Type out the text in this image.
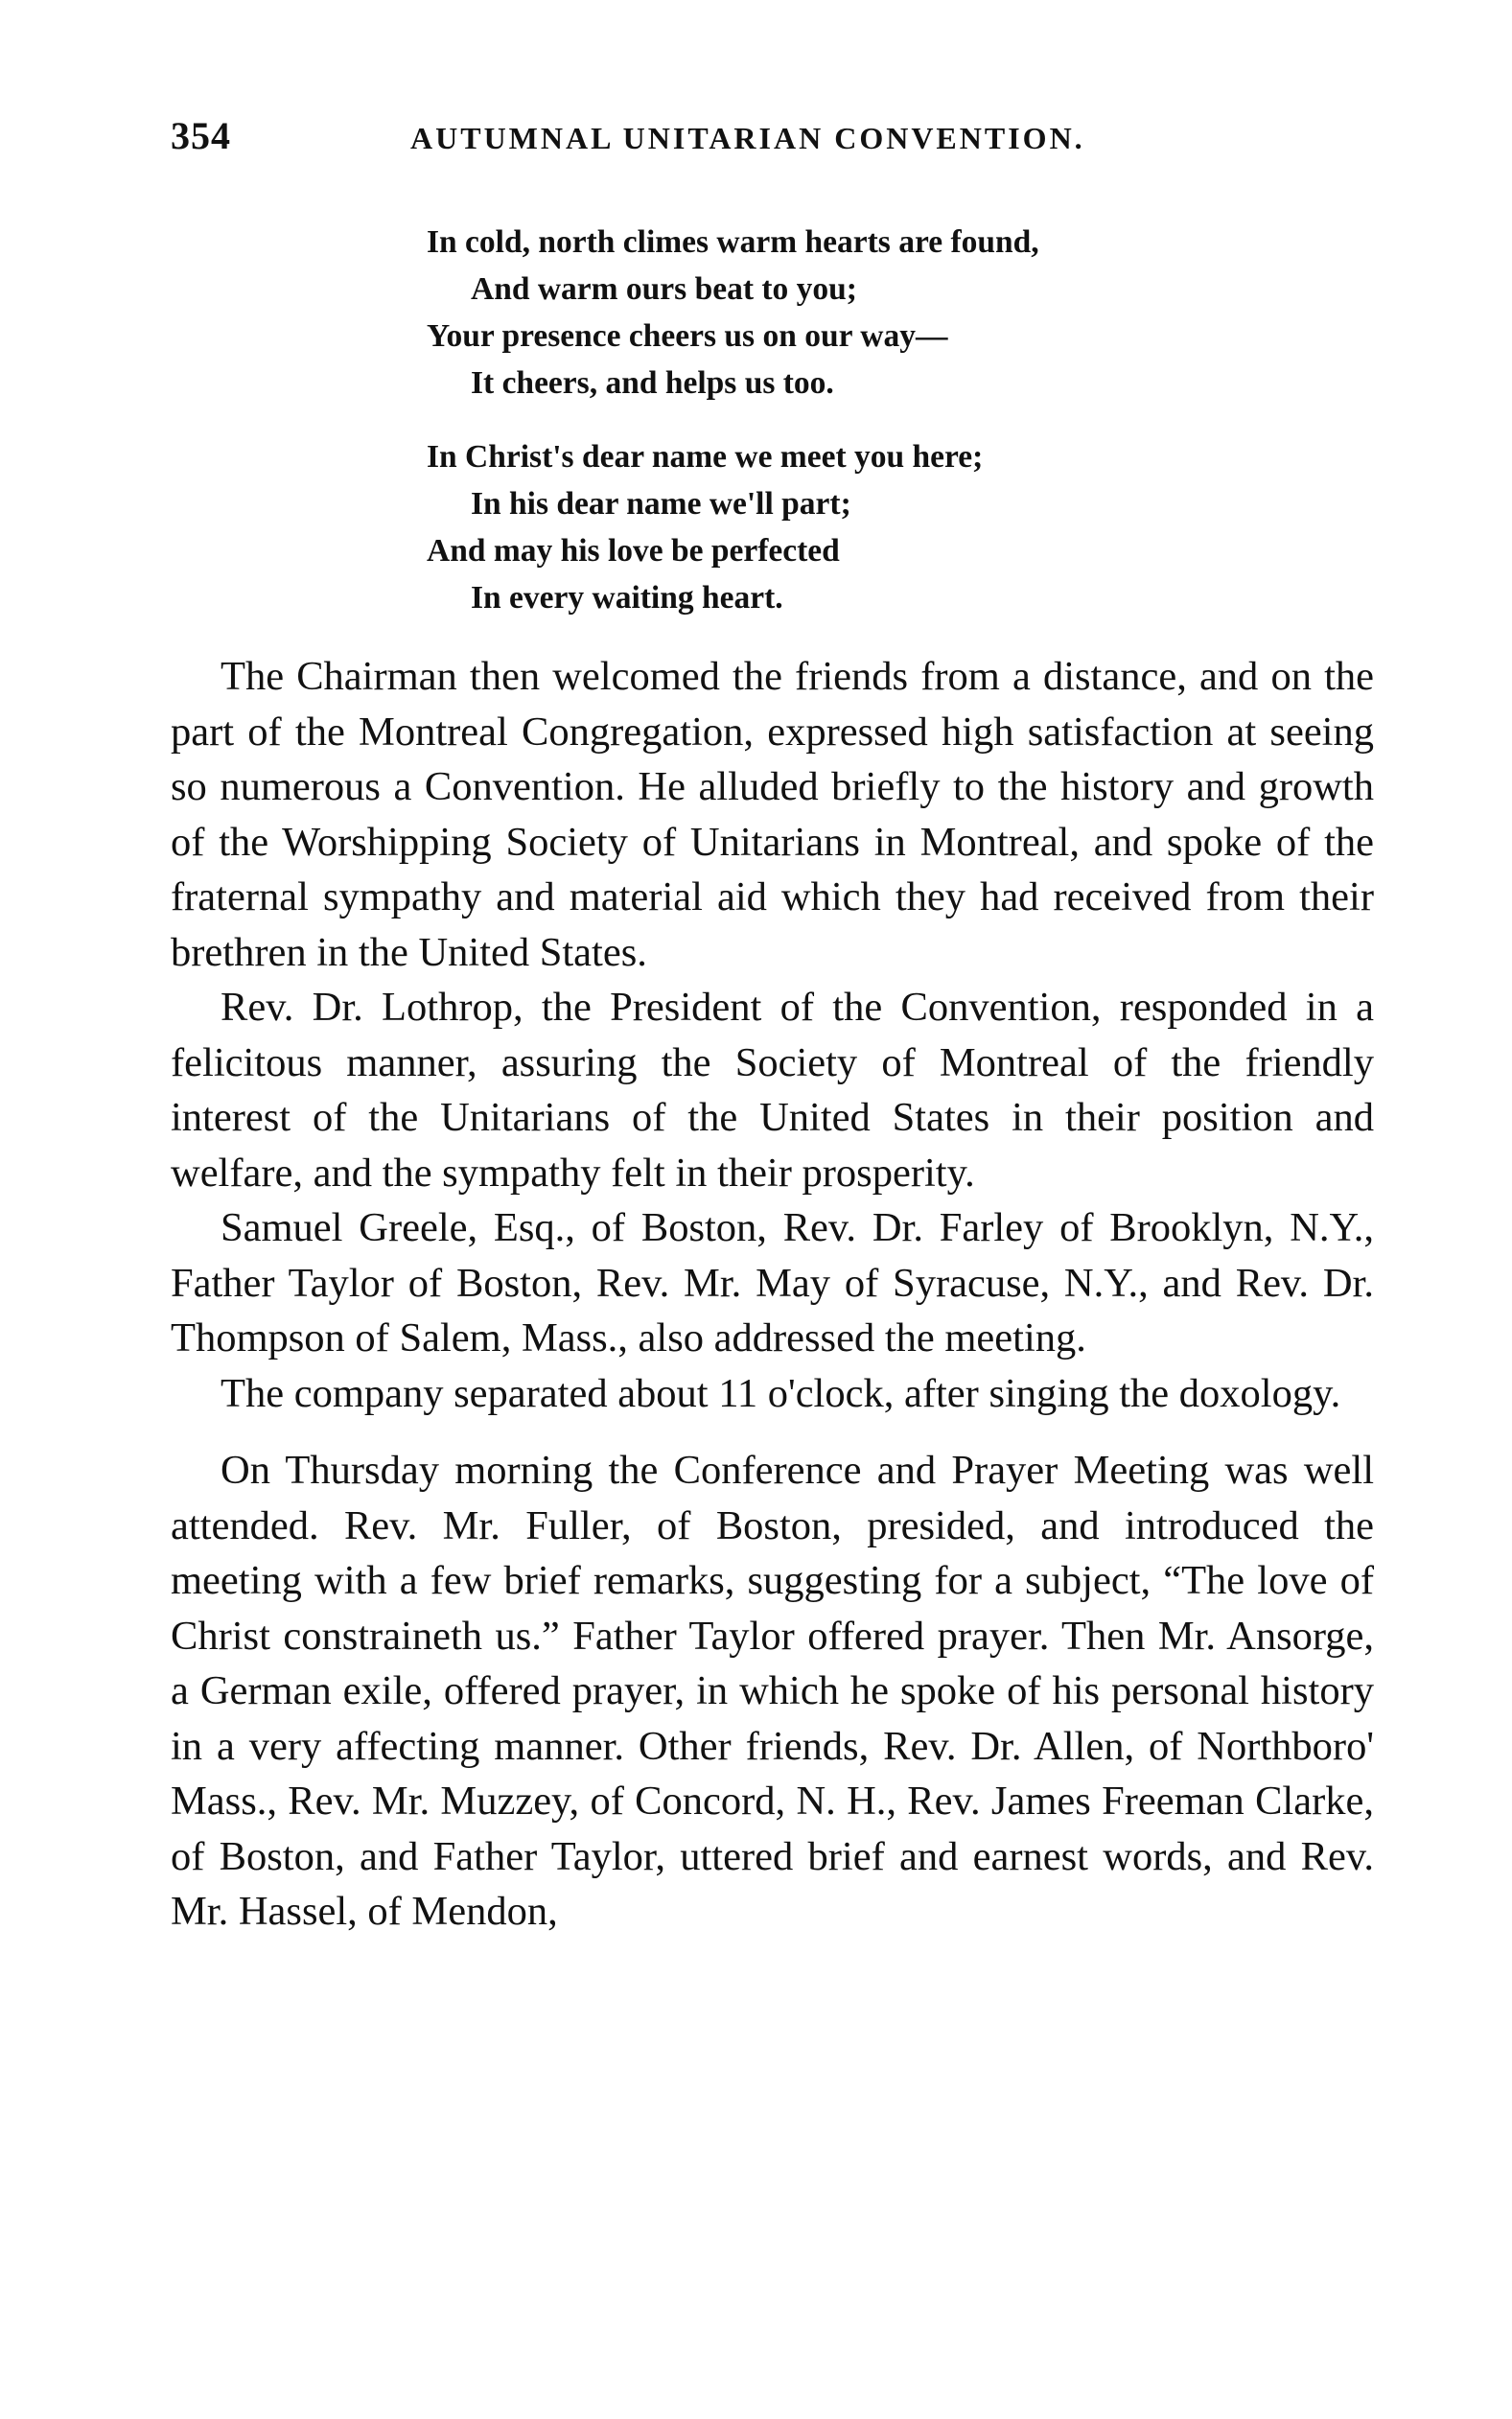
354	AUTUMNAL UNITARIAN CONVENTION.
In cold, north climes warm hearts are found,
And warm ours beat to you;
Your presence cheers us on our way—
It cheers, and helps us too.
In Christ's dear name we meet you here;
In his dear name we'll part;
And may his love be perfected
In every waiting heart.

The Chairman then welcomed the friends from a distance, and on the part of the Montreal Congregation, expressed high satisfaction at seeing so numerous a Convention. He alluded briefly to the history and growth of the Worshipping Society of Unitarians in Montreal, and spoke of the fraternal sympathy and material aid which they had received from their brethren in the United States.

Rev. Dr. Lothrop, the President of the Convention, responded in a felicitous manner, assuring the Society of Montreal of the friendly interest of the Unitarians of the United States in their position and welfare, and the sympathy felt in their prosperity.

Samuel Greele, Esq., of Boston, Rev. Dr. Farley of Brooklyn, N.Y., Father Taylor of Boston, Rev. Mr. May of Syracuse, N.Y., and Rev. Dr. Thompson of Salem, Mass., also addressed the meeting.

The company separated about 11 o'clock, after singing the doxology.

On Thursday morning the Conference and Prayer Meeting was well attended. Rev. Mr. Fuller, of Boston, presided, and introduced the meeting with a few brief remarks, suggesting for a subject, “The love of Christ constraineth us.” Father Taylor offered prayer. Then Mr. Ansorge, a German exile, offered prayer, in which he spoke of his personal history in a very affecting manner. Other friends, Rev. Dr. Allen, of Northboro' Mass., Rev. Mr. Muzzey, of Concord, N. H., Rev. James Freeman Clarke, of Boston, and Father Taylor, uttered brief and earnest words, and Rev. Mr. Hassel, of Mendon,
